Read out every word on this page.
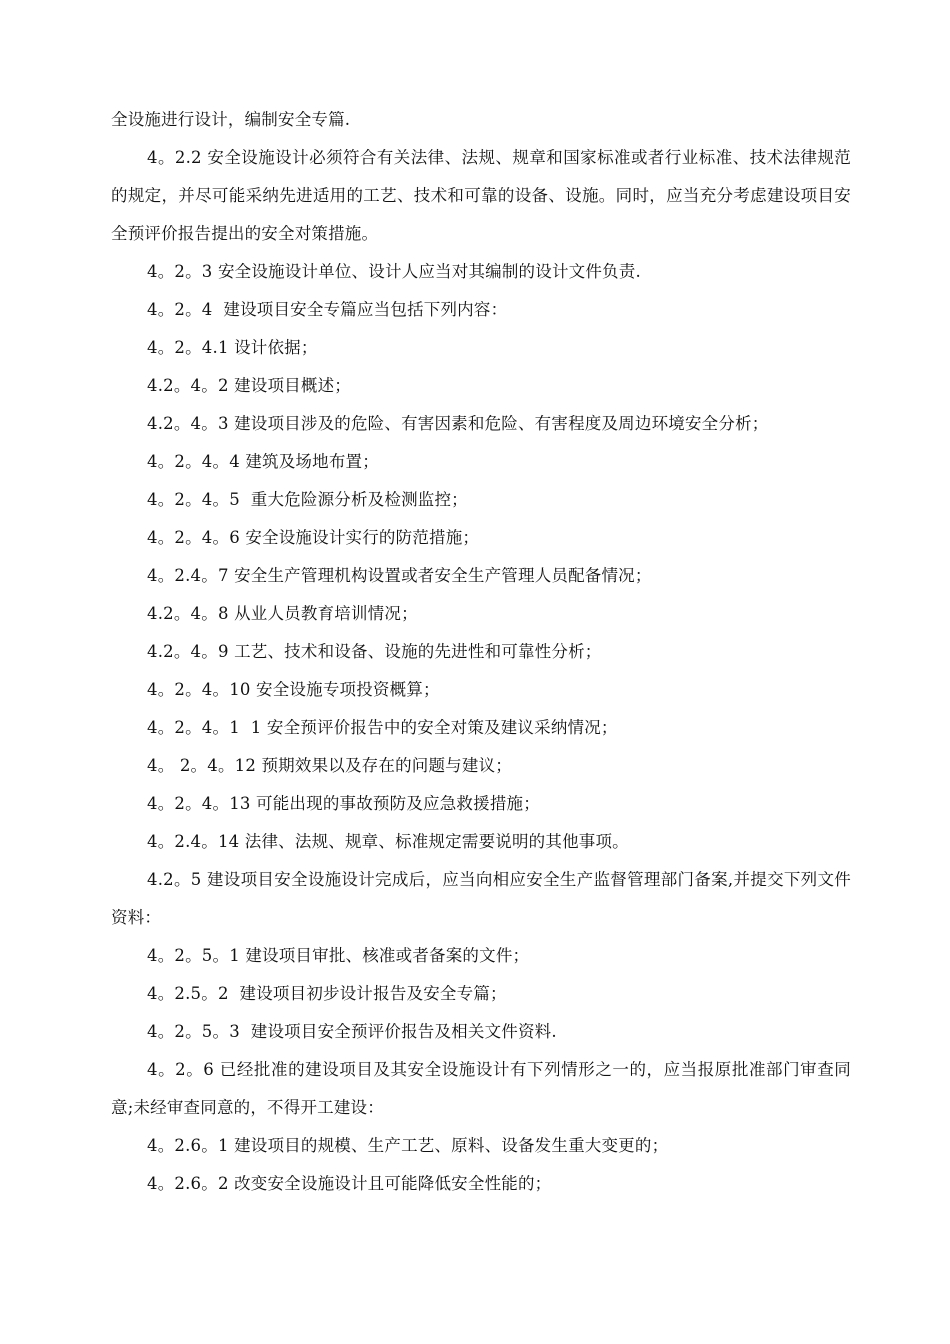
全设施进行设计，编制安全专篇.

4。2.2 安全设施设计必须符合有关法律、法规、规章和国家标准或者行业标准、技术法律规范的规定，并尽可能采纳先进适用的工艺、技术和可靠的设备、设施。同时，应当充分考虑建设项目安全预评价报告提出的安全对策措施。

4。2。3 安全设施设计单位、设计人应当对其编制的设计文件负责.

4。2。4  建设项目安全专篇应当包括下列内容：

4。2。4.1 设计依据；

4.2。4。2 建设项目概述；

4.2。4。3 建设项目涉及的危险、有害因素和危险、有害程度及周边环境安全分析；

4。2。4。4 建筑及场地布置；

4。2。4。5  重大危险源分析及检测监控；

4。2。4。6 安全设施设计实行的防范措施；

4。2.4。7 安全生产管理机构设置或者安全生产管理人员配备情况；

4.2。4。8 从业人员教育培训情况；

4.2。4。9 工艺、技术和设备、设施的先进性和可靠性分析；

4。2。4。10 安全设施专项投资概算；

4。2。4。1  1 安全预评价报告中的安全对策及建议采纳情况；

4。 2。4。12 预期效果以及存在的问题与建议；

4。2。4。13 可能出现的事故预防及应急救援措施；

4。2.4。14 法律、法规、规章、标准规定需要说明的其他事项。

4.2。5 建设项目安全设施设计完成后，应当向相应安全生产监督管理部门备案,并提交下列文件资料：

4。2。5。1 建设项目审批、核准或者备案的文件；

4。2.5。2  建设项目初步设计报告及安全专篇；

4。2。5。3  建设项目安全预评价报告及相关文件资料.

4。2。6 已经批准的建设项目及其安全设施设计有下列情形之一的，应当报原批准部门审查同意;未经审查同意的，不得开工建设：

4。2.6。1 建设项目的规模、生产工艺、原料、设备发生重大变更的；

4。2.6。2 改变安全设施设计且可能降低安全性能的；
